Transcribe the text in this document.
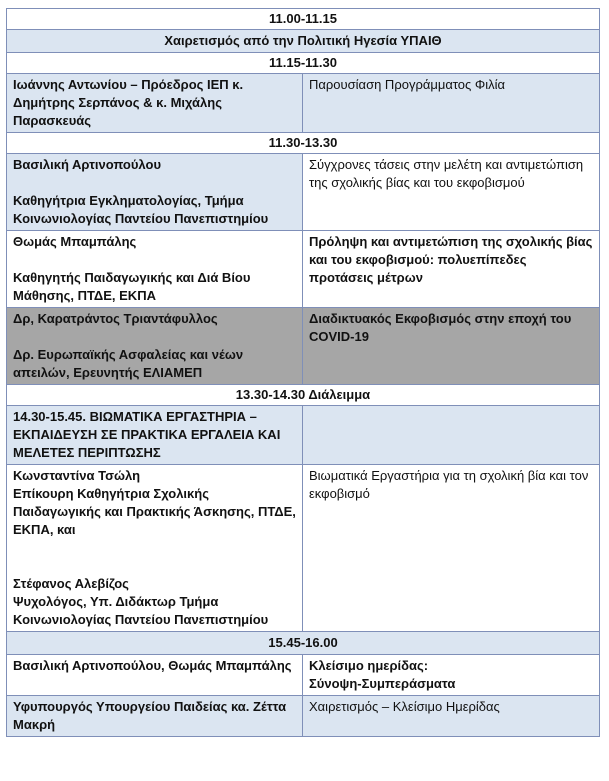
11.00-11.15	
Χαιρετισμός από την Πολιτική Ηγεσία ΥΠΑΙΘ	
11.15-11.30	
Ιωάννης Αντωνίου – Πρόεδρος ΙΕΠ κ. Δημήτρης Σερπάνος & κ. Μιχάλης Παρασκευάς	Παρουσίαση Προγράμματος Φιλία
11.30-13.30	

Βασιλική Αρτινοπούλου
Καθηγήτρια Εγκληματολογίας, Τμήμα Κοινωνιολογίας Παντείου Πανεπιστημίου	Σύγχρονες τάσεις στην μελέτη και αντιμετώπιση της σχολικής βίας και του εκφοβισμού

Θωμάς Μπαμπάλης
Καθηγητής Παιδαγωγικής και Διά Βίου Μάθησης, ΠΤΔΕ, ΕΚΠΑ	Πρόληψη και αντιμετώπιση της σχολικής βίας και του εκφοβισμού: πολυεπίπεδες προτάσεις μέτρων

Δρ, Καρατράντος Τριαντάφυλλος
Δρ. Ευρωπαϊκής Ασφαλείας και νέων απειλών, Ερευνητής ΕΛΙΑΜΕΠ	Διαδικτυακός Εκφοβισμός στην εποχή του COVID-19
13.30-14.30 Διάλειμμα	
14.30-15.45. ΒΙΩΜΑΤΙΚΑ ΕΡΓΑΣΤΗΡΙΑ – ΕΚΠΑΙΔΕΥΣΗ ΣΕ ΠΡΑΚΤΙΚΑ ΕΡΓΑΛΕΙΑ ΚΑΙ ΜΕΛΕΤΕΣ ΠΕΡΙΠΤΩΣΗΣ	

Κωνσταντίνα Τσώλη
Επίκουρη Καθηγήτρια Σχολικής Παιδαγωγικής και Πρακτικής Άσκησης, ΠΤΔΕ, ΕΚΠΑ, και
Στέφανος Αλεβίζος
Ψυχολόγος, Υπ. Διδάκτωρ Τμήμα Κοινωνιολογίας Παντείου Πανεπιστημίου	Βιωματικά Εργαστήρια για τη σχολική βία και τον εκφοβισμό
15.45-16.00	
Βασιλική Αρτινοπούλου, Θωμάς Μπαμπάλης	Κλείσιμο ημερίδας:
Σύνοψη-Συμπεράσματα

Υφυπουργός Υπουργείου Παιδείας κα. Ζέττα Μακρή	Χαιρετισμός – Κλείσιμο Ημερίδας
